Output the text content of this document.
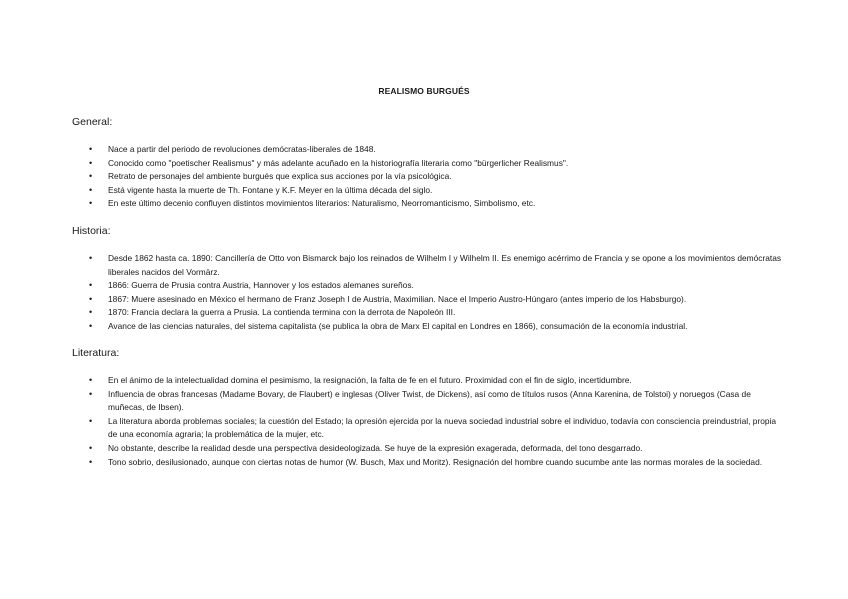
REALISMO BURGUÉS

General:

• Nace a partir del periodo de revoluciones demócratas-liberales de 1848.
• Conocido como "poetischer Realismus" y más adelante acuñado en la historiografía literaria como "bürgerlicher Realismus".
• Retrato de personajes del ambiente burgués que explica sus acciones por la vía psicológica.
• Está vigente hasta la muerte de Th. Fontane y K.F. Meyer en la última década del siglo.
• En este último decenio confluyen distintos movimientos literarios: Naturalismo, Neorromanticismo, Simbolismo, etc.

Historia:

• Desde 1862 hasta ca. 1890: Cancillería de Otto von Bismarck bajo los reinados de Wilhelm I y Wilhelm II. Es enemigo acérrimo de Francia y se opone a los movimientos demócratas liberales nacidos del Vormärz.
• 1866: Guerra de Prusia contra Austria, Hannover y los estados alemanes sureños.
• 1867: Muere asesinado en México el hermano de Franz Joseph I de Austria, Maximilian. Nace el Imperio Austro-Húngaro (antes imperio de los Habsburgo).
• 1870: Francia declara la guerra a Prusia. La contienda termina con la derrota de Napoleón III.
• Avance de las ciencias naturales, del sistema capitalista (se publica la obra de Marx El capital en Londres en 1866), consumación de la economía industrial.

Literatura:

• En el ánimo de la intelectualidad domina el pesimismo, la resignación, la falta de fe en el futuro. Proximidad con el fin de siglo, incertidumbre.
• Influencia de obras francesas (Madame Bovary, de Flaubert) e inglesas (Oliver Twist, de Dickens), así como de títulos rusos (Anna Karenina, de Tolstoi) y noruegos (Casa de muñecas, de Ibsen).
• La literatura aborda problemas sociales; la cuestión del Estado; la opresión ejercida por la nueva sociedad industrial sobre el individuo, todavía con consciencia preindustrial, propia de una economía agraria; la problemática de la mujer, etc.
• No obstante, describe la realidad desde una perspectiva desideologizada. Se huye de la expresión exagerada, deformada, del tono desgarrado.
• Tono sobrio, desilusionado, aunque con ciertas notas de humor (W. Busch, Max und Moritz). Resignación del hombre cuando sucumbe ante las normas morales de la sociedad.
